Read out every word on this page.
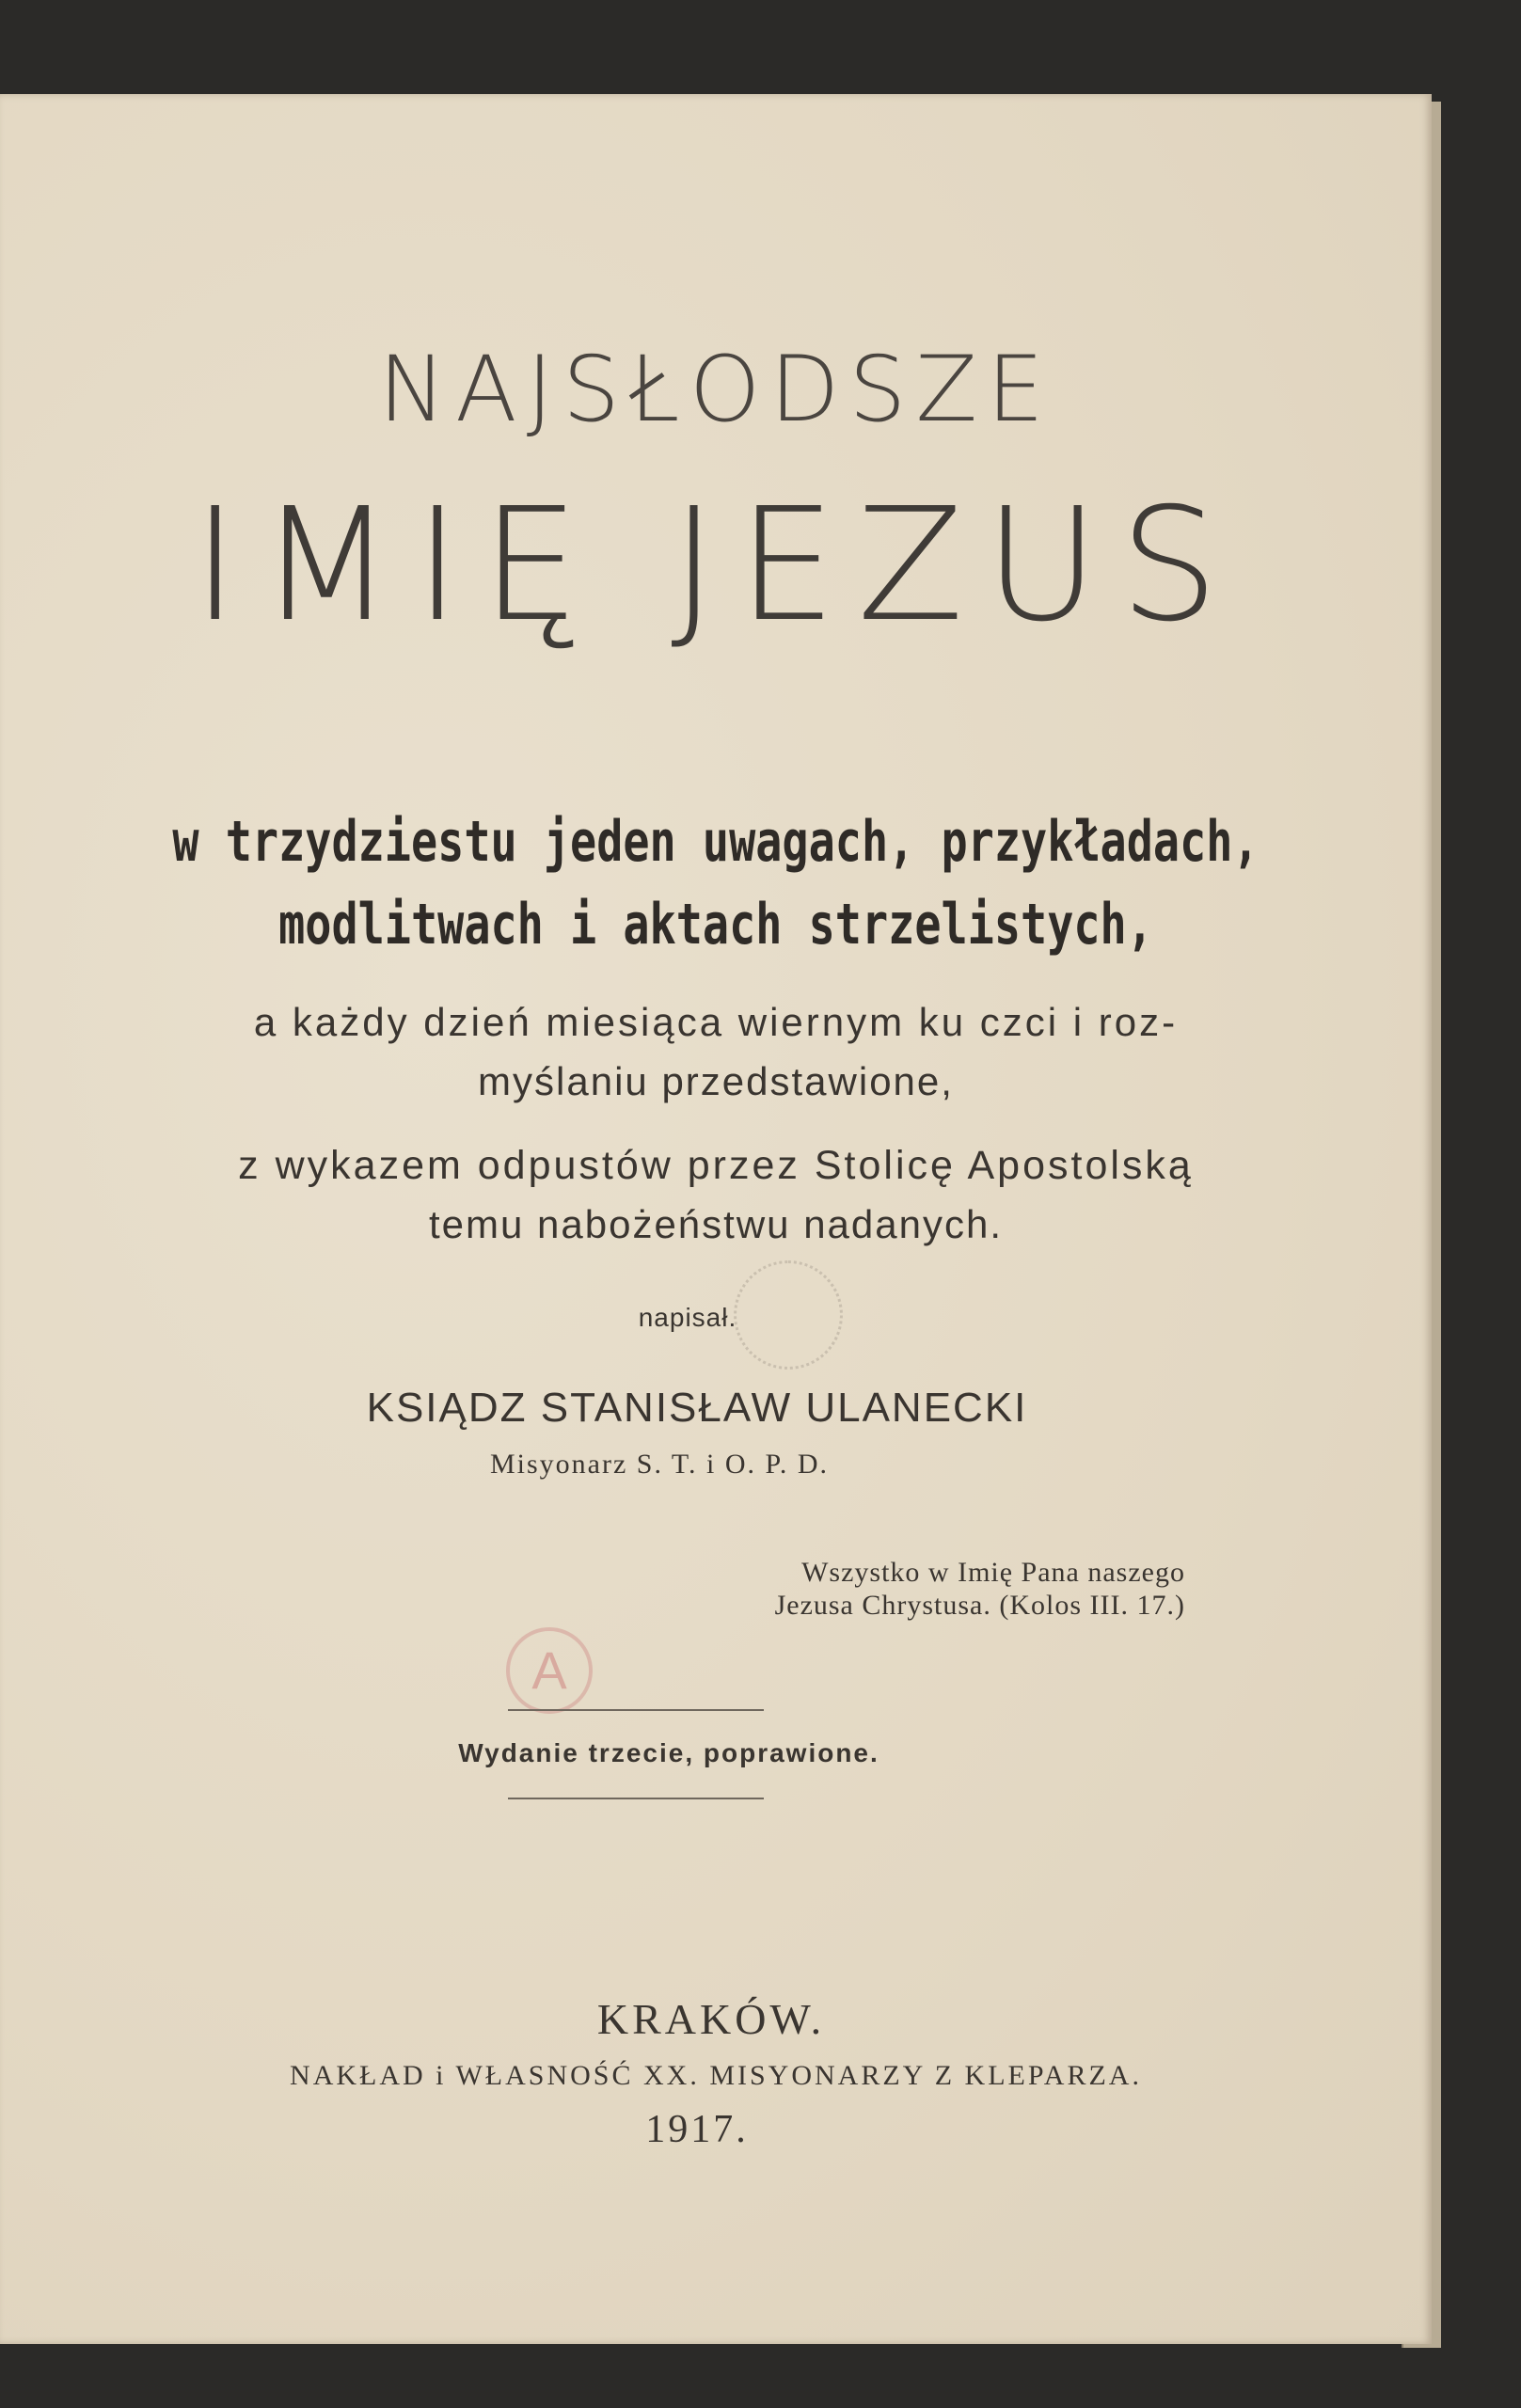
NAJSŁODSZE
IMIĘ JEZUS
w trzydziestu jeden uwagach, przykładach,
modlitwach i aktach strzelistych,
a każdy dzień miesiąca wiernym ku czci i roz-
myślaniu przedstawione,
z wykazem odpustów przez Stolicę Apostolską
temu nabożeństwu nadanych.
napisał.
KSIĄDZ STANISŁAW ULANECKI
Misyonarz S. T. i O. P. D.
Wszystko w Imię Pana naszego
Jezusa Chrystusa. (Kolos III. 17.)
A
Wydanie trzecie, poprawione.
KRAKÓW.
NAKŁAD i WŁASNOŚĆ XX. MISYONARZY Z KLEPARZA.
1917.
